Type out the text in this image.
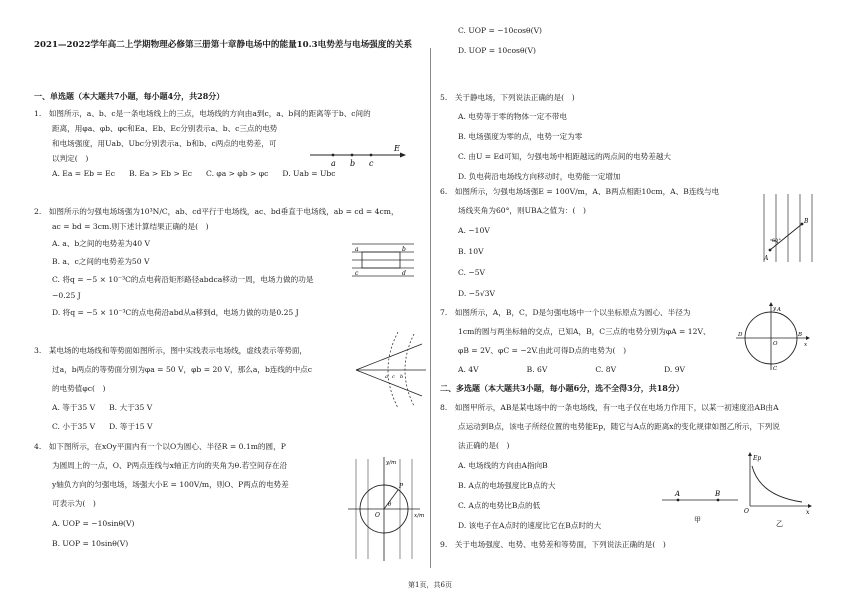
2021—2022学年高二上学期物理必修第三册第十章静电场中的能量10.3电势差与电场强度的关系
一、单选题（本大题共7小题，每小题4分，共28分）
1.　如图所示，a、b、c是一条电场线上的三点，电场线的方向由a到c，a、b间的距离等于b、c间的
距离，用φa、φb、φc和Ea、Eb、Ec分别表示a、b、c三点的电势
和电场强度，用Uab、Ubc分别表示a、b和b、c两点的电势差，可
以判定(　)
A. Ea = Eb = Ec B. Ea > Eb > Ec C. φa > φb > φc D. Uab = Ubc
a b c
E
2.　如图所示的匀强电场场强为10³N/C，ab、cd平行于电场线，ac、bd垂直于电场线，ab = cd = 4cm，
ac = bd = 3cm.则下述计算结果正确的是(　)
A. a、b之间的电势差为40 V
B. a、c之间的电势差为50 V
C. 将q = −5 × 10⁻³C的点电荷沿矩形路径abdca移动一周，电场力做的功是
−0.25 J
D. 将q = −5 × 10⁻³C的点电荷沿abd从a移到d，电场力做的功是0.25 J
a	b
c	d
3.　某电场的电场线和等势面如图所示，图中实线表示电场线，虚线表示等势面，
过a，b两点的等势面分别为φa = 50 V，φb = 20 V，那么a，b连线的中点c
的电势值φc(　)
A. 等于35 V B. 大于35 V
C. 小于35 V D. 等于15 V
a c b
4.　如下图所示，在xOy平面内有一个以O为圆心、半径R = 0.1m的圆，P
为圆周上的一点，O、P两点连线与x轴正方向的夹角为θ.若空间存在沿
y轴负方向的匀强电场，场强大小E = 100V/m，则O、P两点的电势差
可表示为(　)
A. UOP = −10sinθ(V)
B. UOP = 10sinθ(V)
y/m
x/m
O
P
θ
C. UOP = −10cosθ(V)
D. UOP = 10cosθ(V)
5.　关于静电场，下列说法正确的是(　)
A. 电势等于零的物体一定不带电
B. 电场强度为零的点，电势一定为零
C. 由U = Ed可知，匀强电场中相距越远的两点间的电势差越大
D. 负电荷沿电场线方向移动时，电势能一定增加
6.　如图所示，匀强电场场强E = 100V/m，A、B两点相距10cm，A、B连线与电
场线夹角为60°，则UBA之值为：(　)
A. −10V
B. 10V
C. −5V
D. −5√3V
A
B
60°
7.　如图所示，A，B，C，D是匀强电场中一个以坐标原点为圆心、半径为
1cm的圆与两坐标轴的交点，已知A，B，C三点的电势分别为φA = 12V、
φB = 2V、φC = −2V.由此可得D点的电势为(　)
A. 4V	B. 6V	C. 8V	D. 9V
y
x
A
B
C
D
O
二、多选题（本大题共3小题，每小题6分，选不全得3分，共18分）
8.　如图甲所示，AB是某电场中的一条电场线，有一电子仅在电场力作用下，以某一初速度沿AB由A
点运动到B点，该电子所经位置的电势能Ep，随它与A点的距离x的变化规律如图乙所示，下列说
法正确的是(　)
A. 电场线的方向由A指向B
B. A点的电场强度比B点的大
C. A点的电势比B点的低
D. 该电子在A点时的速度比它在B点时的大
A	B
甲
Ep
O	x
乙
9.　关于电场强度、电势、电势差和等势面，下列说法正确的是(　)
第1页，共6页
